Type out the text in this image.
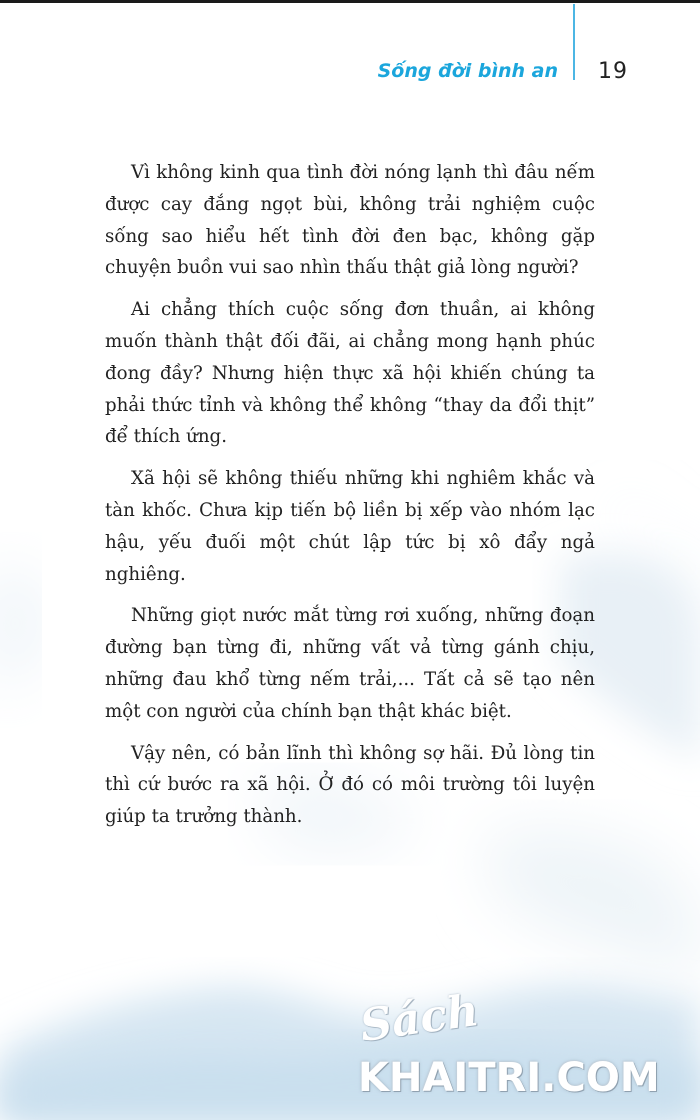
Sống đời bình an 19

Vì không kinh qua tình đời nóng lạnh thì đâu nếm được cay đắng ngọt bùi, không trải nghiệm cuộc sống sao hiểu hết tình đời đen bạc, không gặp chuyện buồn vui sao nhìn thấu thật giả lòng người?

Ai chẳng thích cuộc sống đơn thuần, ai không muốn thành thật đối đãi, ai chẳng mong hạnh phúc đong đầy? Nhưng hiện thực xã hội khiến chúng ta phải thức tỉnh và không thể không “thay da đổi thịt” để thích ứng.

Xã hội sẽ không thiếu những khi nghiêm khắc và tàn khốc. Chưa kịp tiến bộ liền bị xếp vào nhóm lạc hậu, yếu đuối một chút lập tức bị xô đẩy ngả nghiêng.

Những giọt nước mắt từng rơi xuống, những đoạn đường bạn từng đi, những vất vả từng gánh chịu, những đau khổ từng nếm trải,... Tất cả sẽ tạo nên một con người của chính bạn thật khác biệt.

Vậy nên, có bản lĩnh thì không sợ hãi. Đủ lòng tin thì cứ bước ra xã hội. Ở đó có môi trường tôi luyện giúp ta trưởng thành.

Sách
KHAITRI.COM
